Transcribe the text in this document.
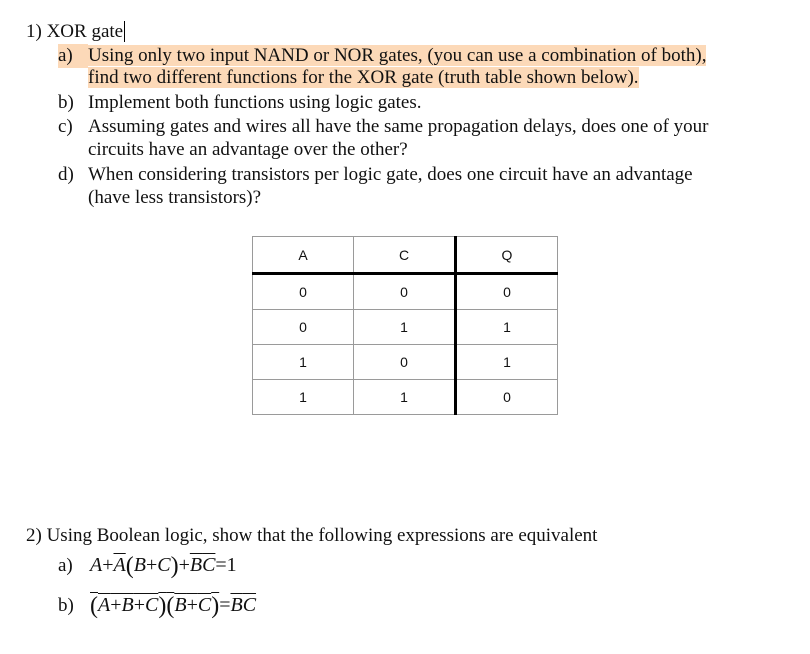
1) XOR gate
a) Using only two input NAND or NOR gates, (you can use a combination of both),
find two different functions for the XOR gate (truth table shown below).
b) Implement both functions using logic gates.
c) Assuming gates and wires all have the same propagation delays, does one of your
circuits have an advantage over the other?
d) When considering transistors per logic gate, does one circuit have an advantage
(have less transistors)?
A	C	Q
0	0	0
0	1	1
1	0	1
1	1	0
2) Using Boolean logic, show that the following expressions are equivalent
a) $A+\overline{A}(B+C)+\overline{B}\overline{C}=1$
b) $(A+B+C)(B+C)=\overline{B}\overline{C}$
